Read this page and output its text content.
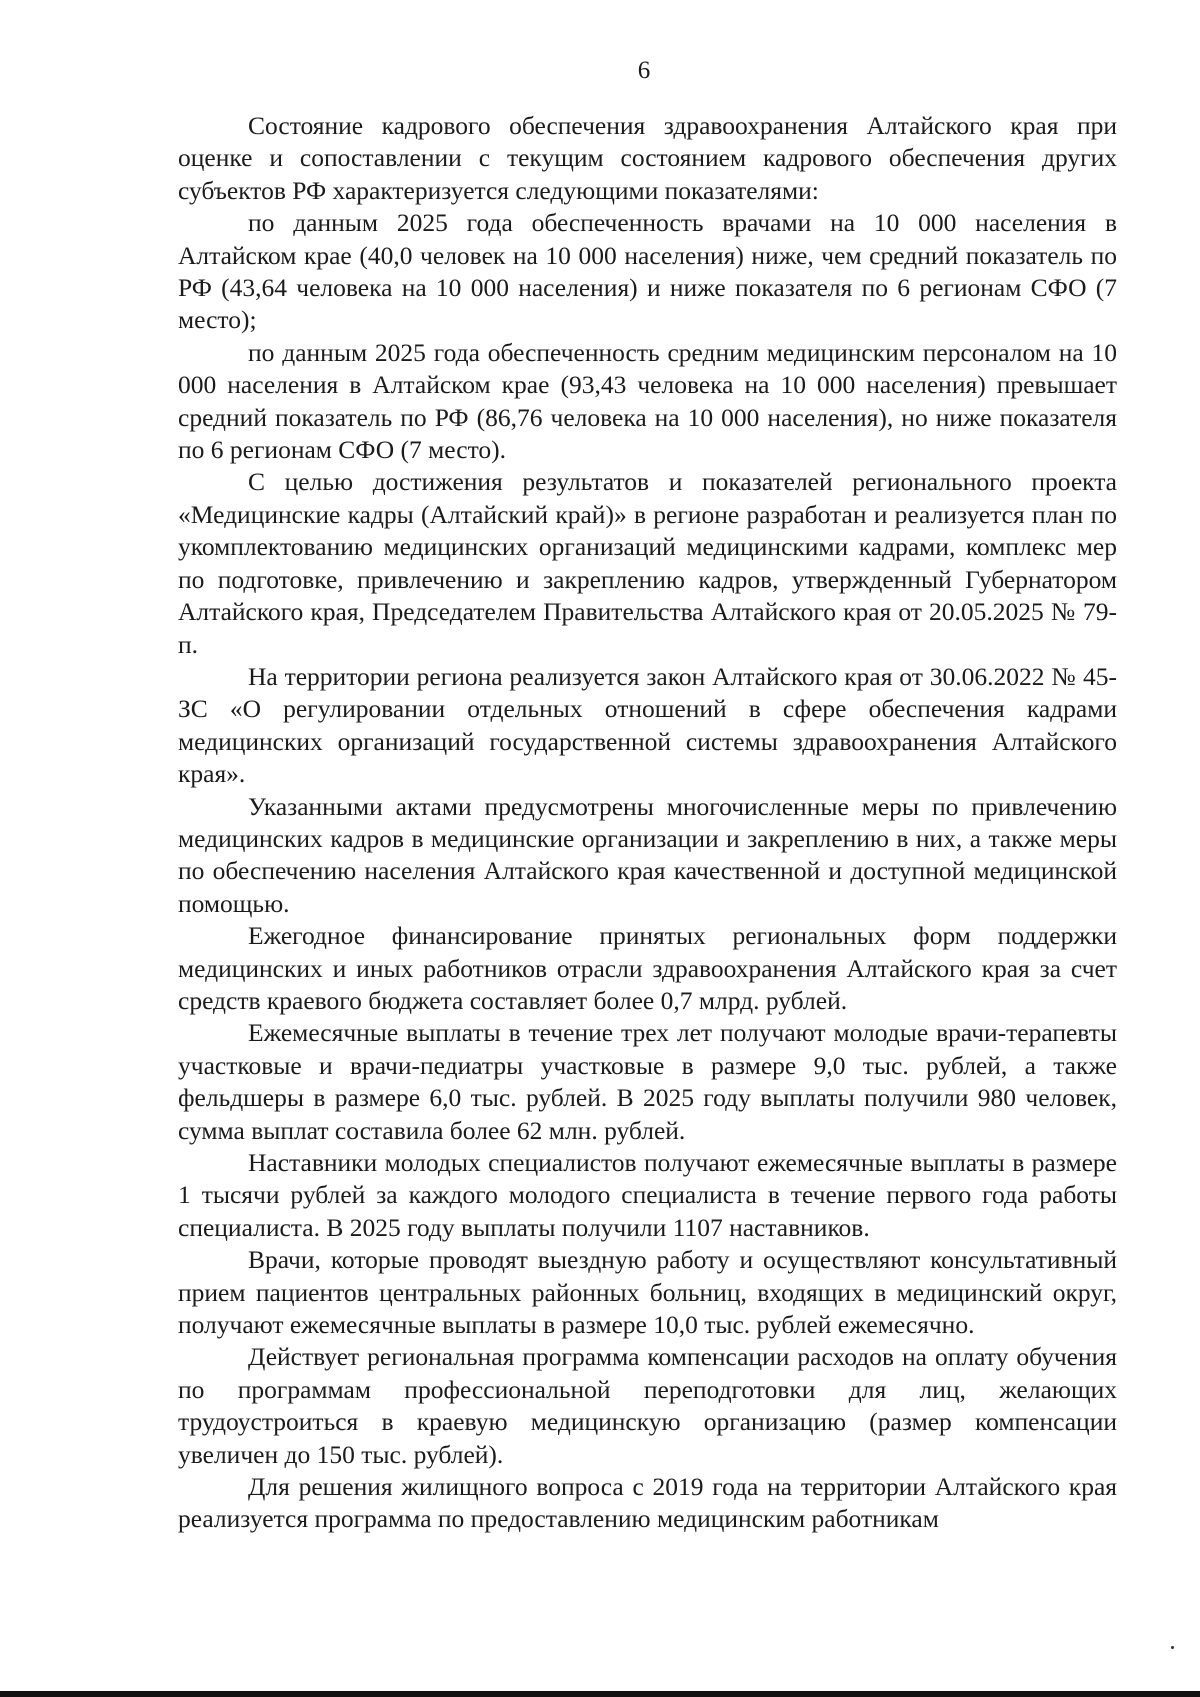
6

Состояние кадрового обеспечения здравоохранения Алтайского края при оценке и сопоставлении с текущим состоянием кадрового обеспечения других субъектов РФ характеризуется следующими показателями:

по данным 2025 года обеспеченность врачами на 10 000 населения в Алтайском крае (40,0 человек на 10 000 населения) ниже, чем средний показатель по РФ (43,64 человека на 10 000 населения) и ниже показателя по 6 регионам СФО (7 место);

по данным 2025 года обеспеченность средним медицинским персоналом на 10 000 населения в Алтайском крае (93,43 человека на 10 000 населения) превышает средний показатель по РФ (86,76 человека на 10 000 населения), но ниже показателя по 6 регионам СФО (7 место).

С целью достижения результатов и показателей регионального проекта «Медицинские кадры (Алтайский край)» в регионе разработан и реализуется план по укомплектованию медицинских организаций медицинскими кадрами, комплекс мер по подготовке, привлечению и закреплению кадров, утвержденный Губернатором Алтайского края, Председателем Правительства Алтайского края от 20.05.2025 № 79-п.

На территории региона реализуется закон Алтайского края от 30.06.2022 № 45-ЗС «О регулировании отдельных отношений в сфере обеспечения кадрами медицинских организаций государственной системы здравоохранения Алтайского края».

Указанными актами предусмотрены многочисленные меры по привлечению медицинских кадров в медицинские организации и закреплению в них, а также меры по обеспечению населения Алтайского края качественной и доступной медицинской помощью.

Ежегодное финансирование принятых региональных форм поддержки медицинских и иных работников отрасли здравоохранения Алтайского края за счет средств краевого бюджета составляет более 0,7 млрд. рублей.

Ежемесячные выплаты в течение трех лет получают молодые врачи-терапевты участковые и врачи-педиатры участковые в размере 9,0 тыс. рублей, а также фельдшеры в размере 6,0 тыс. рублей. В 2025 году выплаты получили 980 человек, сумма выплат составила более 62 млн. рублей.

Наставники молодых специалистов получают ежемесячные выплаты в размере 1 тысячи рублей за каждого молодого специалиста в течение первого года работы специалиста. В 2025 году выплаты получили 1107 наставников.

Врачи, которые проводят выездную работу и осуществляют консультативный прием пациентов центральных районных больниц, входящих в медицинский округ, получают ежемесячные выплаты в размере 10,0 тыс. рублей ежемесячно.

Действует региональная программа компенсации расходов на оплату обучения по программам профессиональной переподготовки для лиц, желающих трудоустроиться в краевую медицинскую организацию (размер компенсации увеличен до 150 тыс. рублей).

Для решения жилищного вопроса с 2019 года на территории Алтайского края реализуется программа по предоставлению медицинским работникам
